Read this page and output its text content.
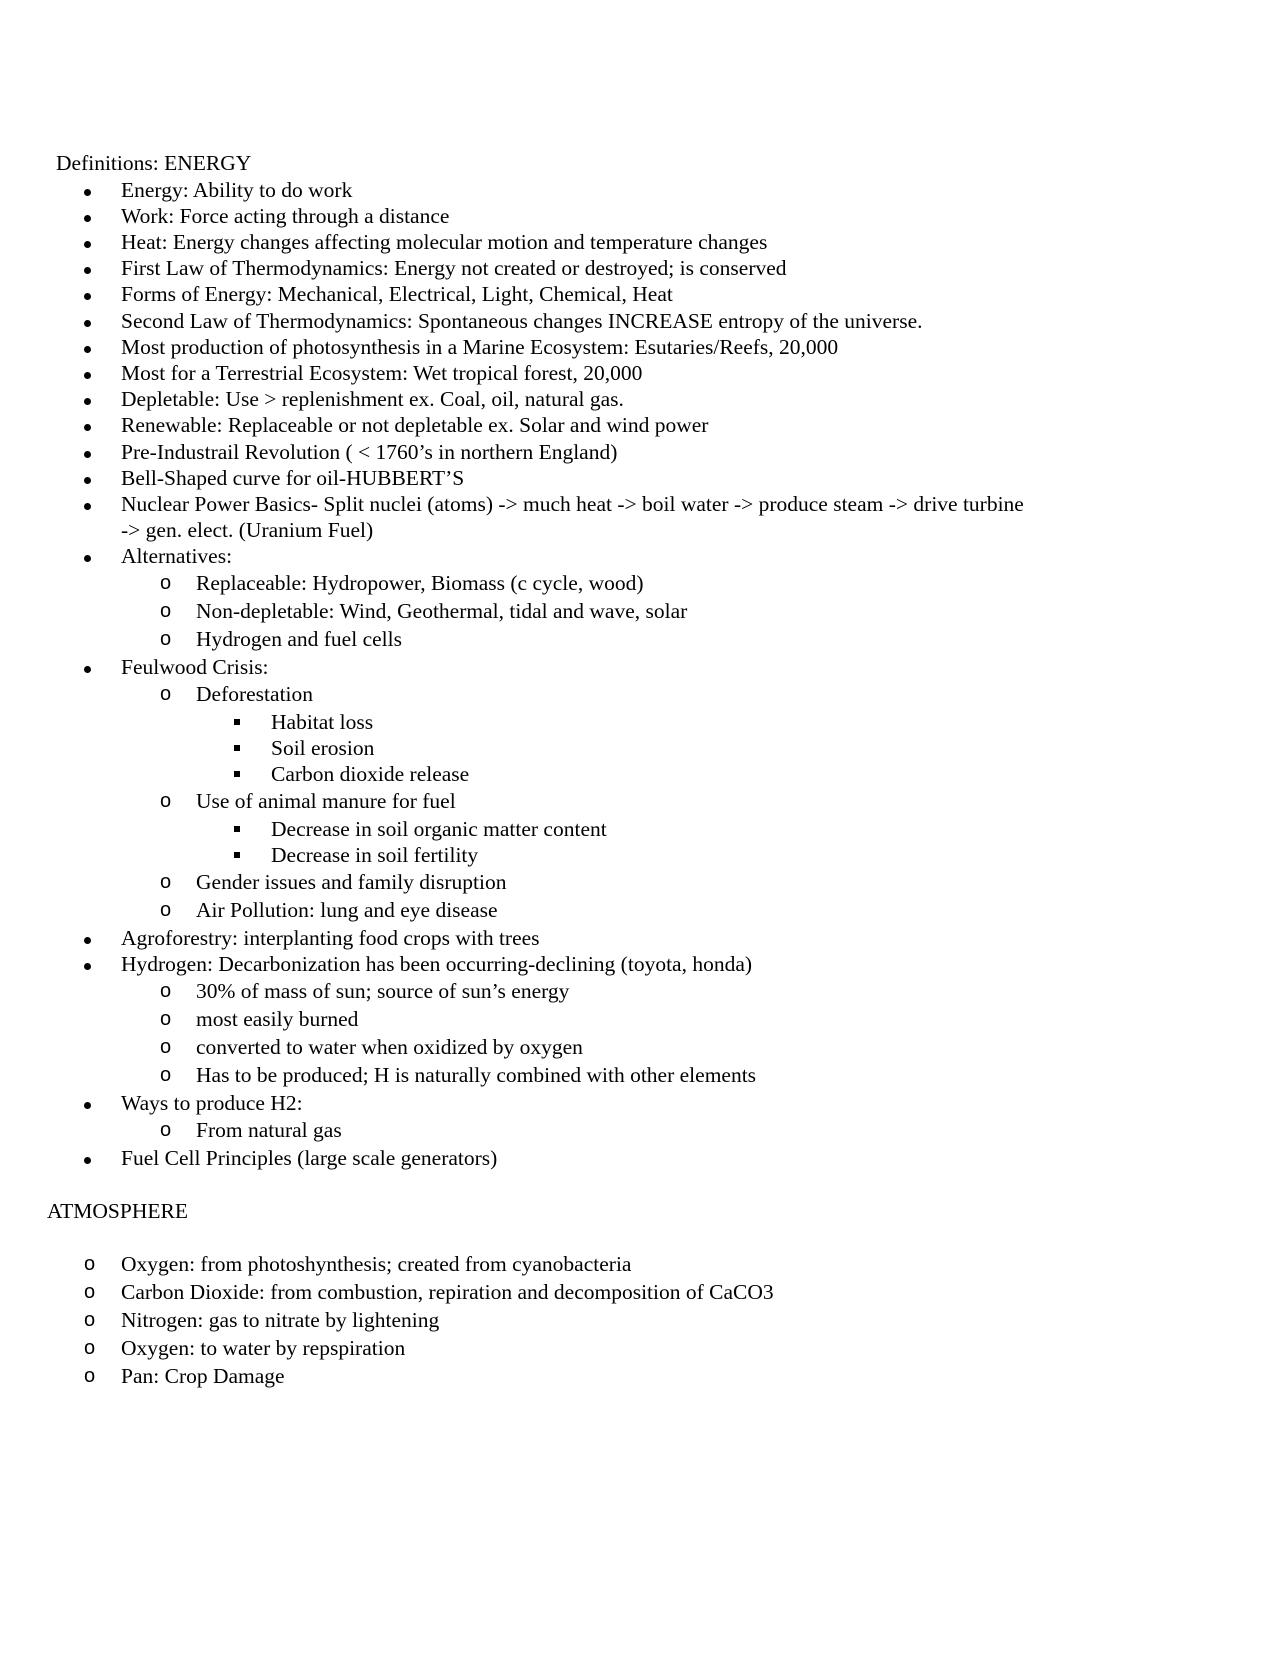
Definitions: ENERGY
Energy: Ability to do work
Work: Force acting through a distance
Heat: Energy changes affecting molecular motion and temperature changes
First Law of Thermodynamics: Energy not created or destroyed; is conserved
Forms of Energy: Mechanical, Electrical, Light, Chemical, Heat
Second Law of Thermodynamics: Spontaneous changes INCREASE entropy of the universe.
Most production of photosynthesis in a Marine Ecosystem: Esutaries/Reefs, 20,000
Most for a Terrestrial Ecosystem: Wet tropical forest, 20,000
Depletable: Use > replenishment ex. Coal, oil, natural gas.
Renewable: Replaceable or not depletable ex. Solar and wind power
Pre-Industrail Revolution ( < 1760’s in northern England)
Bell-Shaped curve for oil-HUBBERT’S
Nuclear Power Basics- Split nuclei (atoms) -> much heat -> boil water -> produce steam -> drive turbine
-> gen. elect. (Uranium Fuel)
Alternatives:
o Replaceable: Hydropower, Biomass (c cycle, wood)
o Non-depletable: Wind, Geothermal, tidal and wave, solar
o Hydrogen and fuel cells
Feulwood Crisis:
o Deforestation
Habitat loss
Soil erosion
Carbon dioxide release
o Use of animal manure for fuel
Decrease in soil organic matter content
Decrease in soil fertility
o Gender issues and family disruption
o Air Pollution: lung and eye disease
Agroforestry: interplanting food crops with trees
Hydrogen: Decarbonization has been occurring-declining (toyota, honda)
o 30% of mass of sun; source of sun’s energy
o most easily burned
o converted to water when oxidized by oxygen
o Has to be produced; H is naturally combined with other elements
Ways to produce H2:
o From natural gas
Fuel Cell Principles (large scale generators)
ATMOSPHERE
o Oxygen: from photoshynthesis; created from cyanobacteria
o Carbon Dioxide: from combustion, repiration and decomposition of CaCO3
o Nitrogen: gas to nitrate by lightening
o Oxygen: to water by repspiration
o Pan: Crop Damage
